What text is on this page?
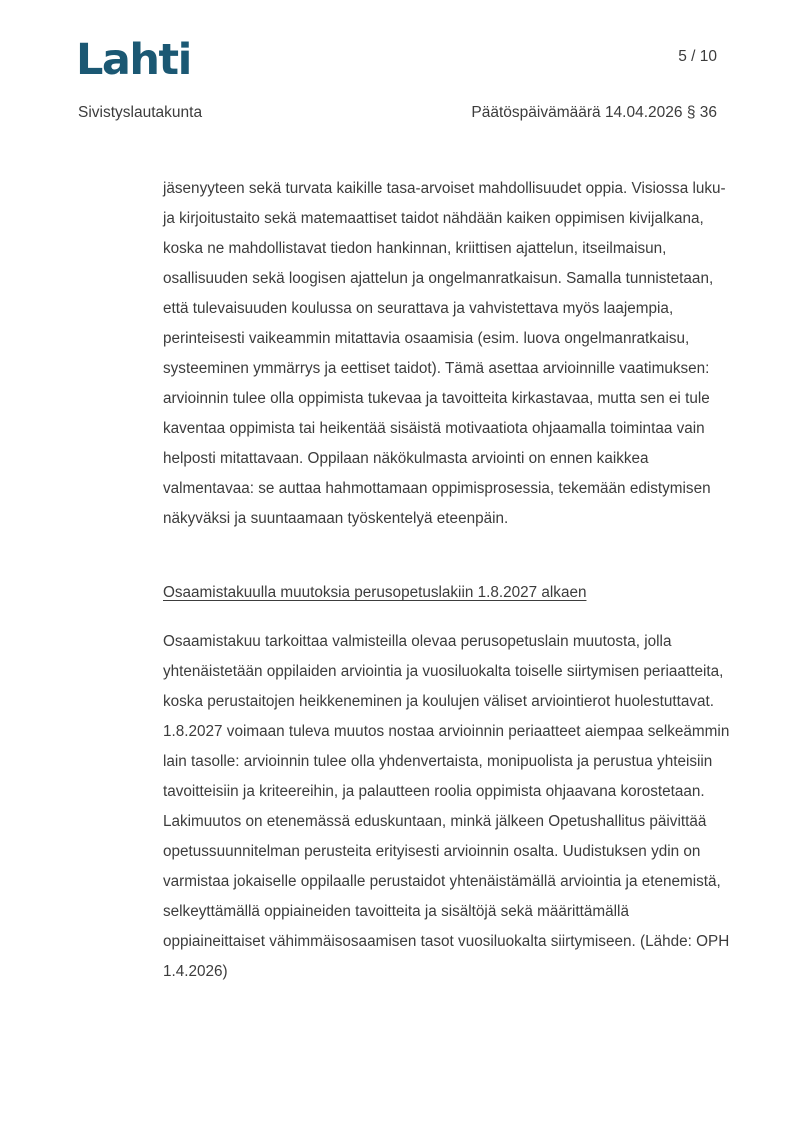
Lahti	5 / 10
Sivistyslautakunta	Päätöspäivämäärä 14.04.2026 § 36
jäsenyyteen sekä turvata kaikille tasa-arvoiset mahdollisuudet oppia. Visiossa luku-
ja kirjoitustaito sekä matemaattiset taidot nähdään kaiken oppimisen kivijalkana,
koska ne mahdollistavat tiedon hankinnan, kriittisen ajattelun, itseilmaisun,
osallisuuden sekä loogisen ajattelun ja ongelmanratkaisun. Samalla tunnistetaan,
että tulevaisuuden koulussa on seurattava ja vahvistettava myös laajempia,
perinteisesti vaikeammin mitattavia osaamisia (esim. luova ongelmanratkaisu,
systeeminen ymmärrys ja eettiset taidot). Tämä asettaa arvioinnille vaatimuksen:
arvioinnin tulee olla oppimista tukevaa ja tavoitteita kirkastavaa, mutta sen ei tule
kaventaa oppimista tai heikentää sisäistä motivaatiota ohjaamalla toimintaa vain
helposti mitattavaan. Oppilaan näkökulmasta arviointi on ennen kaikkea
valmentavaa: se auttaa hahmottamaan oppimisprosessia, tekemään edistymisen
näkyväksi ja suuntaamaan työskentelyä eteenpäin.
Osaamistakuulla muutoksia perusopetuslakiin 1.8.2027 alkaen
Osaamistakuu tarkoittaa valmisteilla olevaa perusopetuslain muutosta, jolla
yhtenäistetään oppilaiden arviointia ja vuosiluokalta toiselle siirtymisen periaatteita,
koska perustaitojen heikkeneminen ja koulujen väliset arviointierot huolestuttavat.
1.8.2027 voimaan tuleva muutos nostaa arvioinnin periaatteet aiempaa selkeämmin
lain tasolle: arvioinnin tulee olla yhdenvertaista, monipuolista ja perustua yhteisiin
tavoitteisiin ja kriteereihin, ja palautteen roolia oppimista ohjaavana korostetaan.
Lakimuutos on etenemässä eduskuntaan, minkä jälkeen Opetushallitus päivittää
opetussuunnitelman perusteita erityisesti arvioinnin osalta. Uudistuksen ydin on
varmistaa jokaiselle oppilaalle perustaidot yhtenäistämällä arviointia ja etenemistä,
selkeyttämällä oppiaineiden tavoitteita ja sisältöjä sekä määrittämällä
oppiaineittaiset vähimmäisosaamisen tasot vuosiluokalta siirtymiseen. (Lähde: OPH
1.4.2026)
